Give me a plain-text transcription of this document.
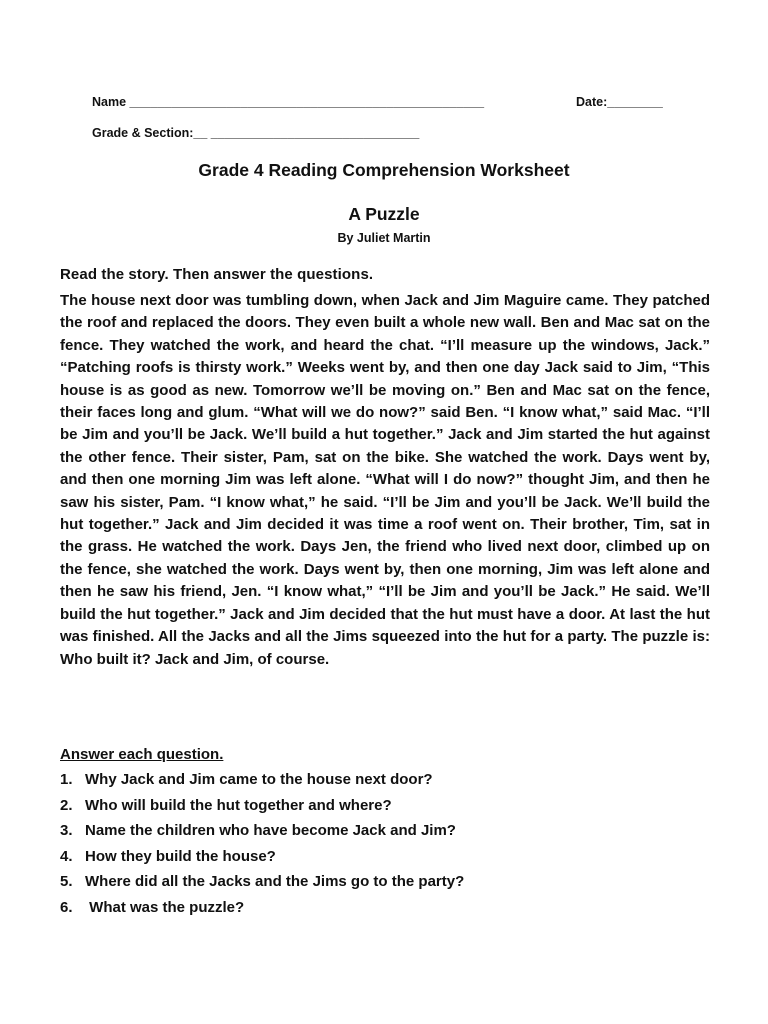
Name ___________________________________________________	Date:________
Grade & Section:__ ______________________________
Grade 4 Reading Comprehension Worksheet
A Puzzle
By Juliet Martin
Read the story. Then answer the questions.

The house next door was tumbling down, when Jack and Jim Maguire came. They patched the roof and replaced the doors. They even built a whole new wall. Ben and Mac sat on the fence. They watched the work, and heard the chat. “I’ll measure up the windows, Jack.” “Patching roofs is thirsty work.” Weeks went by, and then one day Jack said to Jim, “This house is as good as new. Tomorrow we’ll be moving on.” Ben and Mac sat on the fence, their faces long and glum. “What will we do now?” said Ben. “I know what,” said Mac. “I’ll be Jim and you’ll be Jack. We’ll build a hut together.” Jack and Jim started the hut against the other fence. Their sister, Pam, sat on the bike. She watched the work. Days went by, and then one morning Jim was left alone. “What will I do now?” thought Jim, and then he saw his sister, Pam. “I know what,” he said. “I’ll be Jim and you’ll be Jack. We’ll build the hut together.” Jack and Jim decided it was time a roof went on. Their brother, Tim, sat in the grass. He watched the work. Days Jen, the friend who lived next door, climbed up on the fence, she watched the work. Days went by, then one morning, Jim was left alone and then he saw his friend, Jen. “I know what,” “I’ll be Jim and you’ll be Jack.” He said. We’ll build the hut together.” Jack and Jim decided that the hut must have a door. At last the hut was finished. All the Jacks and all the Jims squeezed into the hut for a party. The puzzle is: Who built it? Jack and Jim, of course.

Answer each question.
1. Why Jack and Jim came to the house next door?
2. Who will build the hut together and where?
3. Name the children who have become Jack and Jim?
4. How they build the house?
5. Where did all the Jacks and the Jims go to the party?
6. What was the puzzle?
